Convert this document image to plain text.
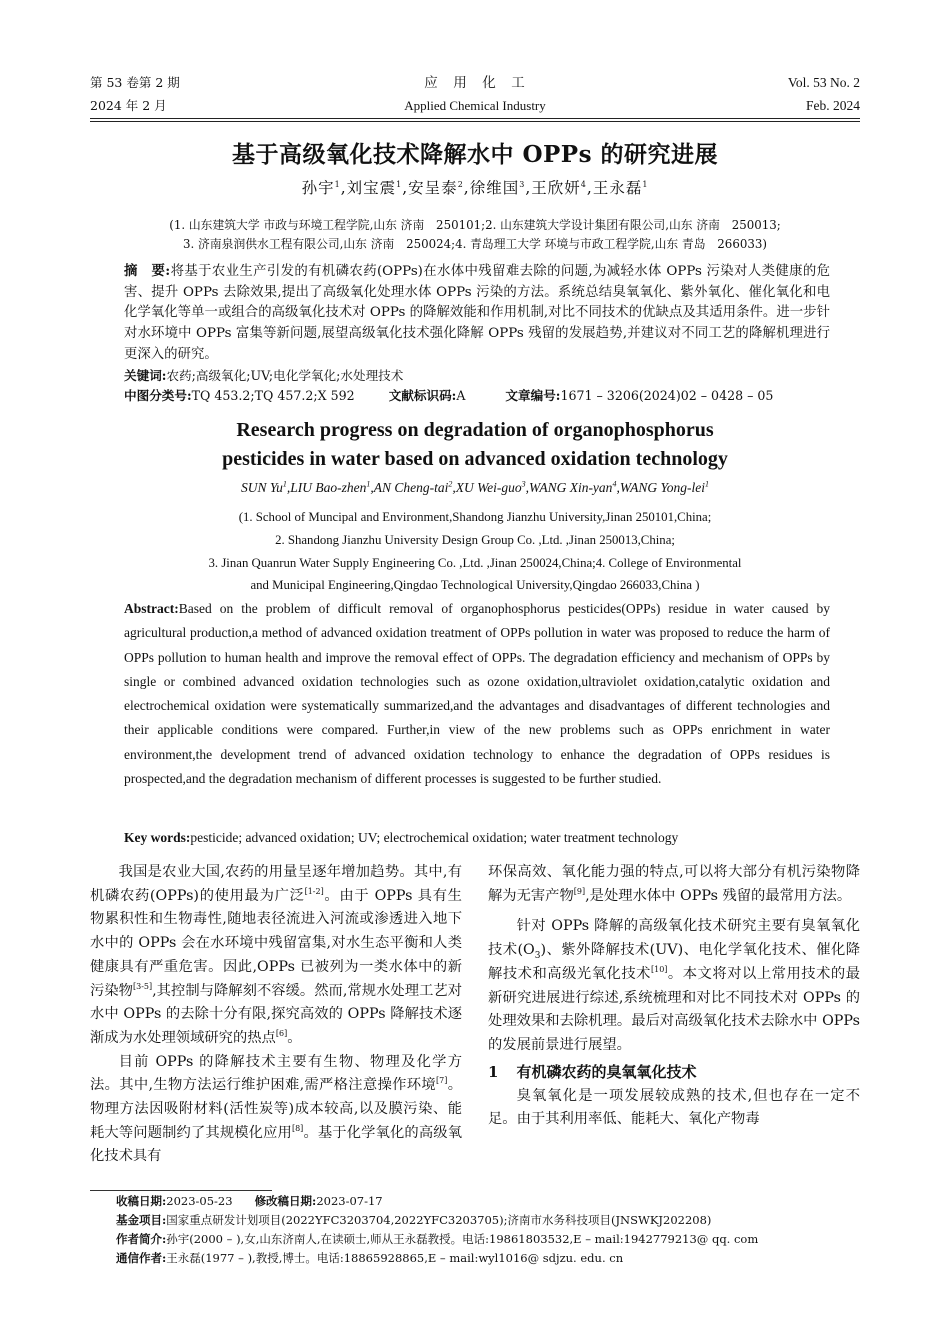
第 53 卷第 2 期
2024 年 2 月
应　用　化　工
Applied Chemical Industry
Vol. 53 No. 2
Feb. 2024
基于高级氧化技术降解水中 OPPs 的研究进展
孙宇$^1$,刘宝震$^1$,安呈泰$^2$,徐维国$^3$,王欣妍$^4$,王永磊$^1$
(1. 山东建筑大学 市政与环境工程学院,山东 济南　250101;2. 山东建筑大学设计集团有限公司,山东 济南　250013;
3. 济南泉润供水工程有限公司,山东 济南　250024;4. 青岛理工大学 环境与市政工程学院,山东 青岛　266033)
摘　要:将基于农业生产引发的有机磷农药(OPPs)在水体中残留难去除的问题,为减轻水体 OPPs 污染对人类健康的危害、提升 OPPs 去除效果,提出了高级氧化处理水体 OPPs 污染的方法。系统总结臭氧氧化、紫外氧化、催化氧化和电化学氧化等单一或组合的高级氧化技术对 OPPs 的降解效能和作用机制,对比不同技术的优缺点及其适用条件。进一步针对水环境中 OPPs 富集等新问题,展望高级氧化技术强化降解 OPPs 残留的发展趋势,并建议对不同工艺的降解机理进行更深入的研究。
关键词:农药;高级氧化;UV;电化学氧化;水处理技术
中图分类号:TQ 453.2;TQ 457.2;X 592	文献标识码:A	文章编号:1671 – 3206(2024)02 – 0428 – 05
Research progress on degradation of organophosphorus
pesticides in water based on advanced oxidation technology
SUN Yu$^1$,LIU Bao-zhen$^1$,AN Cheng-tai$^2$,XU Wei-guo$^3$,WANG Xin-yan$^4$,WANG Yong-lei$^1$
(1. School of Muncipal and Environment,Shandong Jianzhu University,Jinan 250101,China;
2. Shandong Jianzhu University Design Group Co. ,Ltd. ,Jinan 250013,China;
3. Jinan Quanrun Water Supply Engineering Co. ,Ltd. ,Jinan 250024,China;4. College of Environmental
and Municipal Engineering,Qingdao Technological University,Qingdao 266033,China )
Abstract:Based on the problem of difficult removal of organophosphorus pesticides(OPPs) residue in water caused by agricultural production,a method of advanced oxidation treatment of OPPs pollution in water was proposed to reduce the harm of OPPs pollution to human health and improve the removal effect of OPPs. The degradation efficiency and mechanism of OPPs by single or combined advanced oxidation technologies such as ozone oxidation,ultraviolet oxidation,catalytic oxidation and electrochemical oxidation were systematically summarized,and the advantages and disadvantages of different technologies and their applicable conditions were compared. Further,in view of the new problems such as OPPs enrichment in water environment,the development trend of advanced oxidation technology to enhance the degradation of OPPs residues is prospected,and the degradation mechanism of different processes is suggested to be further studied.
Key words:pesticide; advanced oxidation; UV; electrochemical oxidation; water treatment technology

我国是农业大国,农药的用量呈逐年增加趋势。其中,有机磷农药(OPPs)的使用最为广泛[1-2]。由于 OPPs 具有生物累积性和生物毒性,随地表径流进入河流或渗透进入地下水中的 OPPs 会在水环境中残留富集,对水生态平衡和人类健康具有严重危害。因此,OPPs 已被列为一类水体中的新污染物[3-5],其控制与降解刻不容缓。然而,常规水处理工艺对水中 OPPs 的去除十分有限,探究高效的 OPPs 降解技术逐渐成为水处理领域研究的热点[6]。

目前 OPPs 的降解技术主要有生物、物理及化学方法。其中,生物方法运行维护困难,需严格注意操作环境[7]。物理方法因吸附材料(活性炭等)成本较高,以及膜污染、能耗大等问题制约了其规模化应用[8]。基于化学氧化的高级氧化技术具有

环保高效、氧化能力强的特点,可以将大部分有机污染物降解为无害产物[9],是处理水体中 OPPs 残留的最常用方法。

针对 OPPs 降解的高级氧化技术研究主要有臭氧氧化技术$(O_3)$、紫外降解技术(UV)、电化学氧化技术、催化降解技术和高级光氧化技术[10]。本文将对以上常用技术的最新研究进展进行综述,系统梳理和对比不同技术对 OPPs 的处理效果和去除机理。最后对高级氧化技术去除水中 OPPs 的发展前景进行展望。

1 有机磷农药的臭氧氧化技术

臭氧氧化是一项发展较成熟的技术,但也存在一定不足。由于其利用率低、能耗大、氧化产物毒

收稿日期:2023-05-23 修改稿日期:2023-07-17
基金项目:国家重点研发计划项目(2022YFC3203704,2022YFC3203705);济南市水务科技项目(JNSWKJ202208)
作者简介:孙宇(2000 – ),女,山东济南人,在读硕士,师从王永磊教授。电话:19861803532,E – mail:1942779213@ qq. com
通信作者:王永磊(1977 – ),教授,博士。电话:18865928865,E – mail:wyl1016@ sdjzu. edu. cn
